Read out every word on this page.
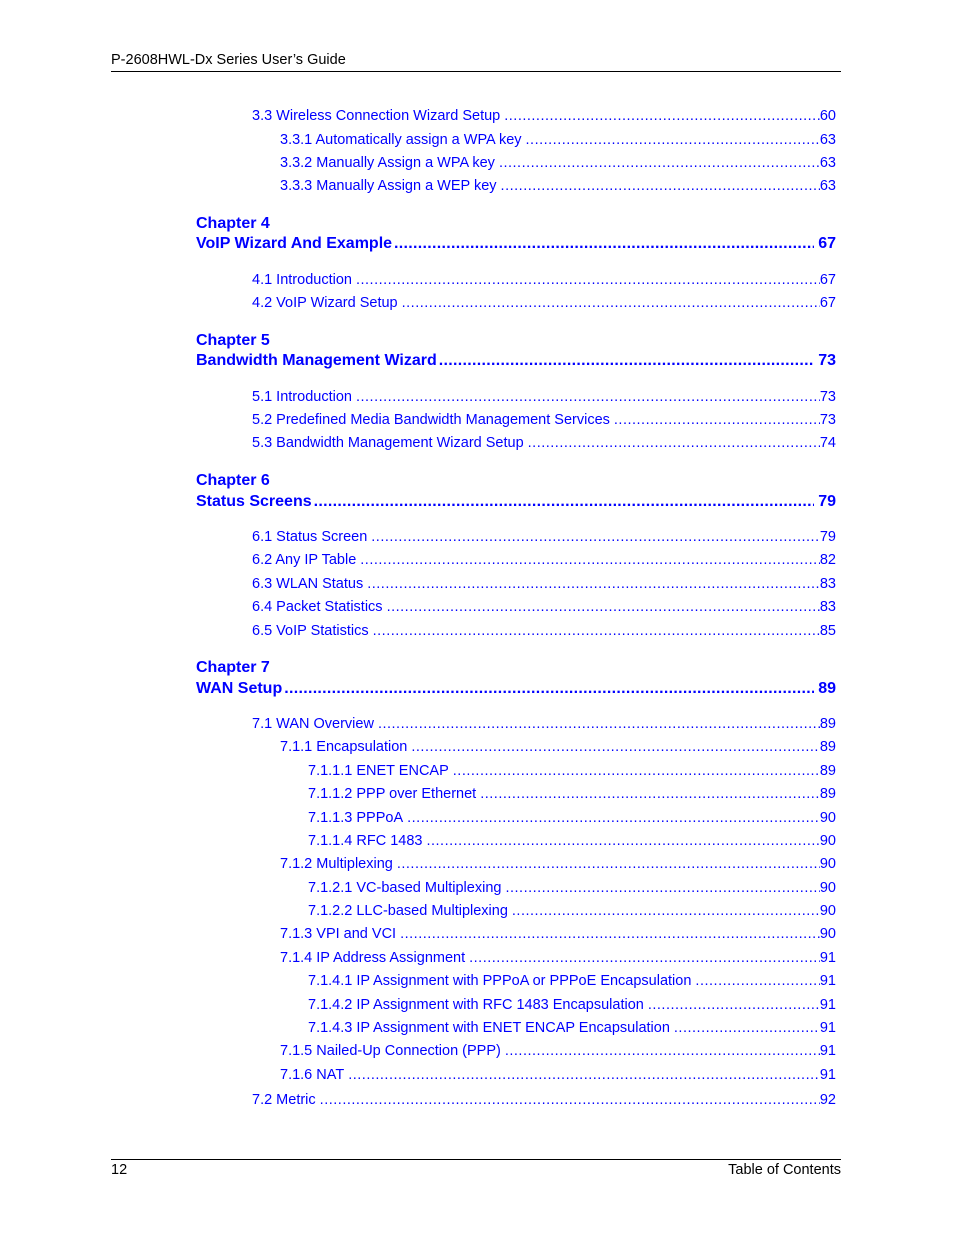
P-2608HWL-Dx Series User’s Guide
3.3 Wireless Connection Wizard Setup .....	60
3.3.1 Automatically assign a WPA key .....	63
3.3.2 Manually Assign a WPA key .....	63
3.3.3 Manually Assign a WEP key .....	63
Chapter 4
VoIP Wizard And Example .....	67
4.1 Introduction .....	67
4.2 VoIP Wizard Setup .....	67
Chapter 5
Bandwidth Management Wizard .....	73
5.1 Introduction .....	73
5.2 Predefined Media Bandwidth Management Services .....	73
5.3 Bandwidth Management Wizard Setup .....	74
Chapter 6
Status Screens .....	79
6.1 Status Screen .....	79
6.2 Any IP Table .....	82
6.3 WLAN Status .....	83
6.4 Packet Statistics .....	83
6.5 VoIP Statistics .....	85
Chapter 7
WAN Setup .....	89
7.1 WAN Overview .....	89
7.1.1 Encapsulation .....	89
7.1.1.1 ENET ENCAP .....	89
7.1.1.2 PPP over Ethernet .....	89
7.1.1.3 PPPoA .....	90
7.1.1.4 RFC 1483 .....	90
7.1.2 Multiplexing .....	90
7.1.2.1 VC-based Multiplexing .....	90
7.1.2.2 LLC-based Multiplexing .....	90
7.1.3 VPI and VCI .....	90
7.1.4 IP Address Assignment .....	91
7.1.4.1 IP Assignment with PPPoA or PPPoE Encapsulation .....	91
7.1.4.2 IP Assignment with RFC 1483 Encapsulation .....	91
7.1.4.3 IP Assignment with ENET ENCAP Encapsulation .....	91
7.1.5 Nailed-Up Connection (PPP) .....	91
7.1.6 NAT .....	91
7.2 Metric .....	92
12	Table of Contents
